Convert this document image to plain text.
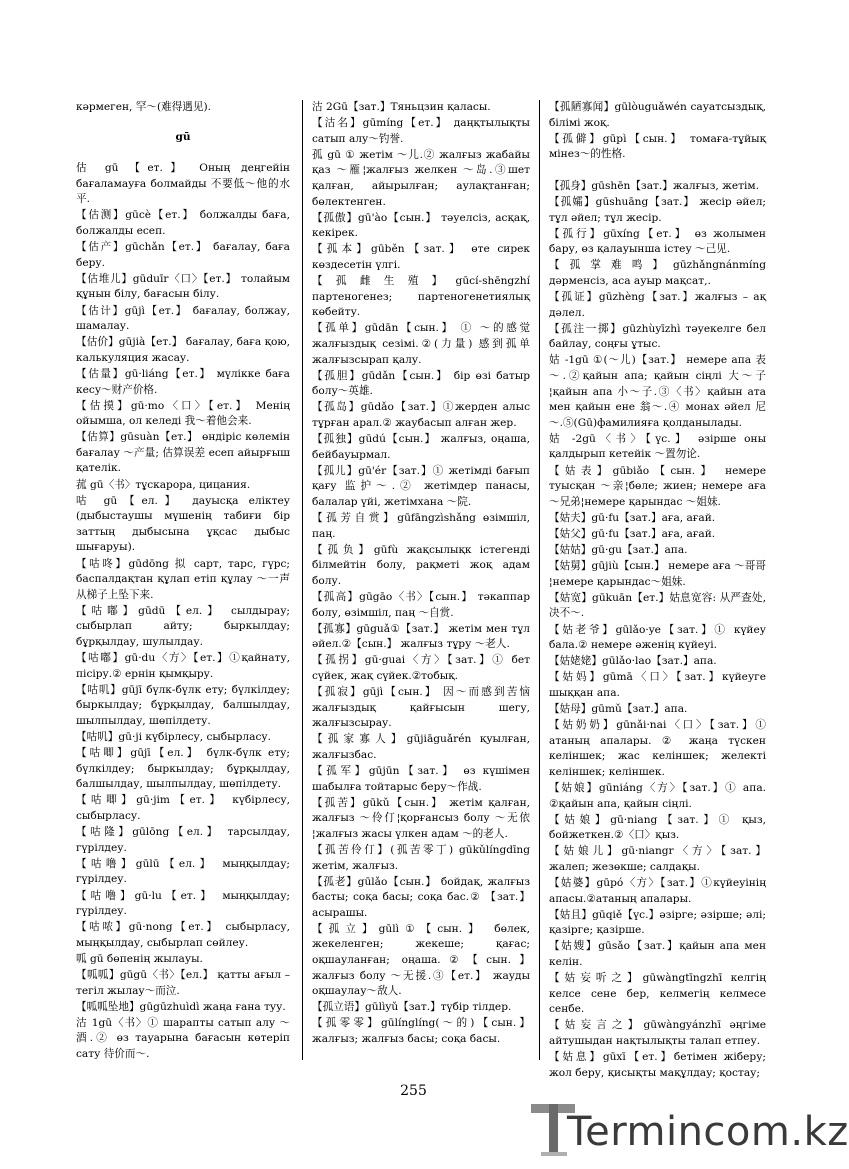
кәрмеген, 罕～(难得遇见).

gū

估 gū 【ет.】 Оның деңгейін бағаламауға болмайды 不要低～他的水平.

【估测】gūcè【ет.】 болжалды баға, болжалды есеп.

【估产】gūchǎn【ет.】 бағалау, баға беру.

【估堆儿】gūduīr〈口〉【ет.】 толайым құнын білу, бағасын білу.

【估计】gūjì【ет.】 бағалау, болжау, шамалау.

【估价】gūjià【ет.】 бағалау, баға қою, калькуляция жасау.

【估量】gū·liáng【ет.】 мүлікке баға кесу～财产价格.

【估摸】gū·mo〈口〉【ет.】 Менің ойымша, ол келеді 我～着他会来.

【估算】gūsuàn【ет.】 өндіріс көлемін бағалау ～产量; 估算误差 есеп айырғыш қателік.

菰 gū〈书〉тұскарора, цицания.

咕 gū【ел.】 дауысқа еліктеу (дыбыстаушы мүшенің табиғи бір заттың дыбысына ұқсас дыбыс шығаруы).

【咕咚】gūdōng 拟 сарт, тарс, гүрс; баспалдақтан құлап етіп құлау ～一声从梯子上坠下来.

【咕嘟】gūdū【ел.】 сылдырау; сыбырлап айту; быркылдау; бұрқылдау, шулылдау.

【咕嘟】gū·du〈方〉【ет.】①қайнату, пісіру.② ернін қымқыру.

【咕叽】gūjī бүлк-бүлк ету; бүлкілдеу; быркылдау; бұрқылдау, балшылдау, шылпылдау, шөпілдету.

【咕叽】gū·ji күбірлесу, сыбырласу.

【咕唧】gūjī【ел.】 бүлк-бүлк ету; бүлкілдеу; быркылдау; бұрқылдау, балшылдау, шылпылдау, шөпілдету.

【咕唧】gū·jim【ет.】 күбірлесу, сыбырласу.

【咕隆】gūlōng【ел.】 тарсылдау, гүрілдеу.

【咕噜】gūlū【ел.】 мыңқылдау; гүрілдеу.

【咕噜】gū·lu【ет.】 мыңқылдау; гүрілдеу.

【咕哝】gū·nong【ет.】 сыбырласу, мыңқылдау, сыбырлап сөйлеу.

呱 gū бөпенің жылауы.

【呱呱】gūgū〈书〉【ел.】 қатты ағыл – тегіл жылау～而泣.

【呱呱坠地】gūgūzhuìdì жаңа ғана туу.

沽 1gū〈书〉① шарапты сатып алу ～酒.② өз тауарына бағасын көтеріп сату 待价而～.

沽 2Gū【зат.】Тяньцзин қаласы.

【沽名】gūmíng【ет.】 даңқтылықты сатып алу～钓誉.

孤 gū ① жетім ～儿.② жалғыз жабайы қаз ～雁¦жалғыз желкен ～岛.③шет қалған, айырылған; аулақтанған; бөлектенген.

【孤傲】gū'ào【сын.】 тәуелсіз, асқақ, кекірек.

【孤本】gūběn【зат.】 өте сирек көздесетін үлгі.

【孤雌生殖】gūcí-shēngzhí партеногенез; партеногенетиялық көбейту.

【孤单】gūdān【сын.】 ① ～的感觉 жалғыздық сезімі.②(力量) 感到孤单 жалғызсырап қалу.

【孤胆】gūdǎn【сын.】 бір өзі батыр болу～英雄.

【孤岛】gūdǎo【зат.】①жерден алыс тұрған арал.② жаубасып алған жер.

【孤独】gūdú【сын.】 жалғыз, оңаша, бейбауырмал.

【孤儿】gū'ér【зат.】① жетімді бағып қағу 监护～.② жетімдер панасы, балалар үйі, жетімхана ～院.

【孤芳自赏】gūfāngzìshǎng өзімшіл, паң.

【孤负】gūfù жақсылықк істегенді білмейтін болу, рақметі жоқ адам болу.

【孤高】gūgāo〈书〉【сын.】 тәкаппар болу, өзімшіл, паң ～自赏.

【孤寡】gūguǎ①【зат.】 жетім мен тұл әйел.②【сын.】 жалғыз тұру ～老人.

【孤拐】gū·guai〈方〉【зат.】① бет сүйек, жақ сүйек.②тобық.

【孤寂】gūjì【сын.】 因～而感到苦恼 жалғыздық қайғысын шегу, жалғызсырау.

【孤家寡人】gūjiāguǎrén қуылған, жалғызбас.

【孤军】gūjūn【зат.】 өз күшімен шабылға тойтарыс беру～作战.

【孤苦】gūkǔ【сын.】 жетім қалған, жалғыз ～伶仃¦қорғансыз болу ～无依¦жалғыз жасы үлкен адам ～的老人.

【孤苦伶仃】(孤苦零丁) gūkǔlíngdīng жетім, жалғыз.

【孤老】gūlǎo【сын.】 бойдақ, жалғыз басты; соқа басы; соқа бас.② 【зат.】 асырашы.

【孤立】gūlì①【сын.】 бөлек, жекеленген; жекеше; қағас; оқшауланған; оңаша.②【сын.】 жалғыз болу ～无援.③【ет.】 жауды оқшаулау～敌人.

【孤立语】gūlìyǔ【зат.】түбір тілдер.

【孤零零】gūlínglíng(～的)【сын.】 жалғыз; жалғыз басы; соқа басы.

【孤陋寡闻】gūlòuguǎwén сауатсыздық, білімі жоқ.

【孤僻】gūpì【сын.】 томаға-тұйық мінез～的性格.

【孤身】gūshēn【зат.】жалғыз, жетім.

【孤孀】gūshuāng【зат.】 жесір әйел; тұл әйел; тұл жесір.

【孤行】gūxíng【ет.】 өз жолымен бару, өз қалауынша істеу ～己见.

【孤掌难鸣】gūzhǎngnánmíng дәрменсіз, аса ауыр мақсат,.

【孤证】gūzhèng【зат.】жалғыз – ақ дәлел.

【孤注一掷】gūzhùyīzhì тәуекелге бел байлау, соңғы ұтыс.

姑 -1gū ①(～儿)【зат.】 немере апа 表～.②қайын апа; қайын сіңлі 大～子¦қайын апа 小～子.③〈书〉қайын ата мен қайын ене 翁～.④ монах әйел 尼～.⑤(Gū)фамилияға қолданылады.

姑 -2gū〈书〉【үс.】 әзірше оны қалдырып кетейік ～置勿论.

【姑表】gūbiǎo【сын.】 немере туысқан ～亲¦бөле; жиен; немере аға～兄弟¦немере қарындас ～姐妹.

【姑夫】gū·fu【зат.】аға, ағай.

【姑父】gū·fu【зат.】аға, ағай.

【姑姑】gū·gu【зат.】апа.

【姑舅】gūjiù【сын.】 немере аға ～哥哥¦немере қарындас～姐妹.

【姑宽】gūkuān【ет.】姑息宽容: 从严查处, 决不～.

【姑老爷】gūlǎo·ye【зат.】① күйеу бала.② немере әженің күйеуі.

【姑姥姥】gūlǎo·lao【зат.】апа.

【姑妈】gūmā〈口〉【зат.】күйеуге шыққан апа.

【姑母】gūmǔ【зат.】апа.

【姑奶奶】gūnǎi·nai〈口〉【зат.】① атаның апалары. ② жаңа түскен келіншек; жас келіншек; желекті келіншек; келіншек.

【姑娘】gūniáng〈方〉【зат.】① апа. ②қайын апа, қайын сіңлі.

【姑娘】gū·niang【зат.】① қыз, бойжеткен.②〈口〉қыз.

【姑娘儿】gū·niangr〈方〉【зат.】 жалеп; жезөкше; салдақы.

【姑婆】gūpó〈方〉【зат.】①күйеуінің апасы.②атаның апалары.

【姑且】gūqiě【үс.】әзірге; әзірше; әлі; қазірге; қазірше.

【姑嫂】gūsǎo【зат.】қайын апа мен келін.

【姑妄听之】gūwàngtīngzhī келгің келсе сене бер, келмегің келмесе сенбе.

【姑妄言之】gūwàngyánzhī әңгіме айтушыдан нақтылықты талап етпеу.

【姑息】gūxī【ет.】бетімен жіберу; жол беру, қисықты мақұлдау; қостау;

255
Termincom.kz
